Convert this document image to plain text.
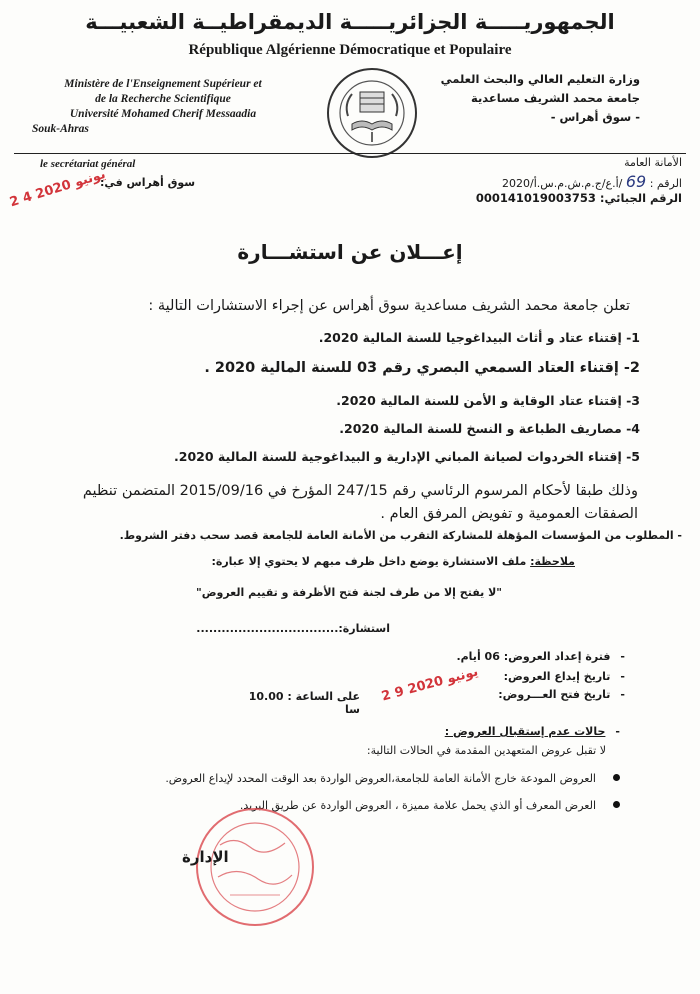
الجمهوريـــــة الجزائريـــــة الديمقراطيــة الشعبيـــة
République Algérienne Démocratique et Populaire
Ministère de l'Enseignement Supérieur et
de la Recherche Scientifique
Université Mohamed Cherif Messaadia
Souk-Ahras
وزارة التعليم العالي والبحث العلمي
جامعة محمد الشريف مساعدية
- سوق أهراس -
le secrétariat général	الأمانة العامة
الرقم : 69 /أ.ع/ج.م.ش.م.س.أ/2020
الرقم الجبائي: 000141019003753
سوق أهراس في:
2 4 يونيو 2020
إعـــلان عن استشـــارة
تعلن جامعة محمد الشريف مساعدية سوق أهراس عن إجراء الاستشارات التالية :
1- إقتناء عتاد و أثاث البيداغوجيا للسنة المالية 2020.
2- إقتناء العتاد السمعي البصري رقم 03 للسنة المالية 2020 .
3- إقتناء عتاد الوقاية و الأمن للسنة المالية 2020.
4- مصاريف الطباعة و النسخ للسنة المالية 2020.
5- إقتناء الخردوات لصيانة المباني الإدارية و البيداغوجية للسنة المالية 2020.
وذلك طبقا لأحكام المرسوم الرئاسي رقم 247/15 المؤرخ في 2015/09/16 المتضمن تنظيم الصفقات العمومية و تفويض المرفق العام .
- المطلوب من المؤسسات المؤهلة للمشاركة التقرب من الأمانة العامة للجامعة قصد سحب دفتر الشروط.
ملاحظة: ملف الاستشارة يوضع داخل ظرف مبهم لا يحتوي إلا عبارة:
"لا يفتح إلا من طرف لجنة فتح الأظرفة و تقييم العروض"
استشارة:..................................
-فترة إعداد العروض: 06 أيام.
-تاريخ إيداع العروض:
-تاريخ فتح العـــروض:
على الساعة : 10.00 سا
2 9 يونيو 2020
-حالات عدم إستقبال العروض :
لا تقبل عروض المتعهدين المقدمة في الحالات التالية:
العروض المودعة خارج الأمانة العامة للجامعة،العروض الواردة بعد الوقت المحدد لإيداع العروض.
العرض المعرف أو الذي يحمل علامة مميزة ، العروض الواردة عن طريق البريد.
الإدارة
